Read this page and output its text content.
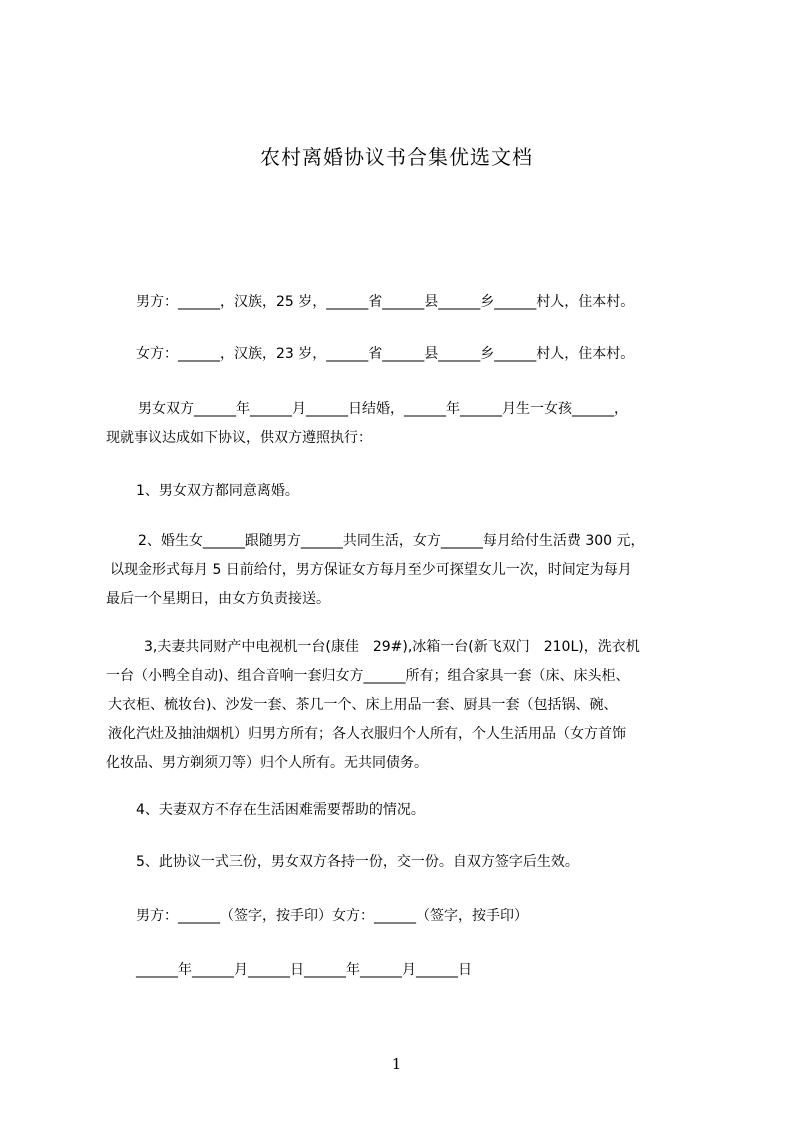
农村离婚协议书合集优选文档
男方：______，汉族，25 岁，______省______县______乡______村人，住本村。
女方：______，汉族，23 岁，______省______县______乡______村人，住本村。
男女双方______年______月______日结婚，______年______月生一女孩______，
现就事议达成如下协议，供双方遵照执行：
1、男女双方都同意离婚。
2、婚生女______跟随男方______共同生活，女方______每月给付生活费 300 元，
以现金形式每月 5 日前给付，男方保证女方每月至少可探望女儿一次，时间定为每月
最后一个星期日，由女方负责接送。
3,夫妻共同财产中电视机一台(康佳　29#),冰箱一台(新飞双门　210L)，洗衣机
一台（小鸭全自动)、组合音响一套归女方______所有；组合家具一套（床、床头柜、
大衣柜、梳妆台)、沙发一套、茶几一个、床上用品一套、厨具一套（包括锅、碗、
液化汽灶及抽油烟机）归男方所有；各人衣服归个人所有，个人生活用品（女方首饰
化妆品、男方剃须刀等）归个人所有。无共同债务。
4、夫妻双方不存在生活困难需要帮助的情况。
5、此协议一式三份，男女双方各持一份，交一份。自双方签字后生效。
男方：______（签字，按手印）女方：______（签字，按手印）
______年______月______日______年______月______日
1
